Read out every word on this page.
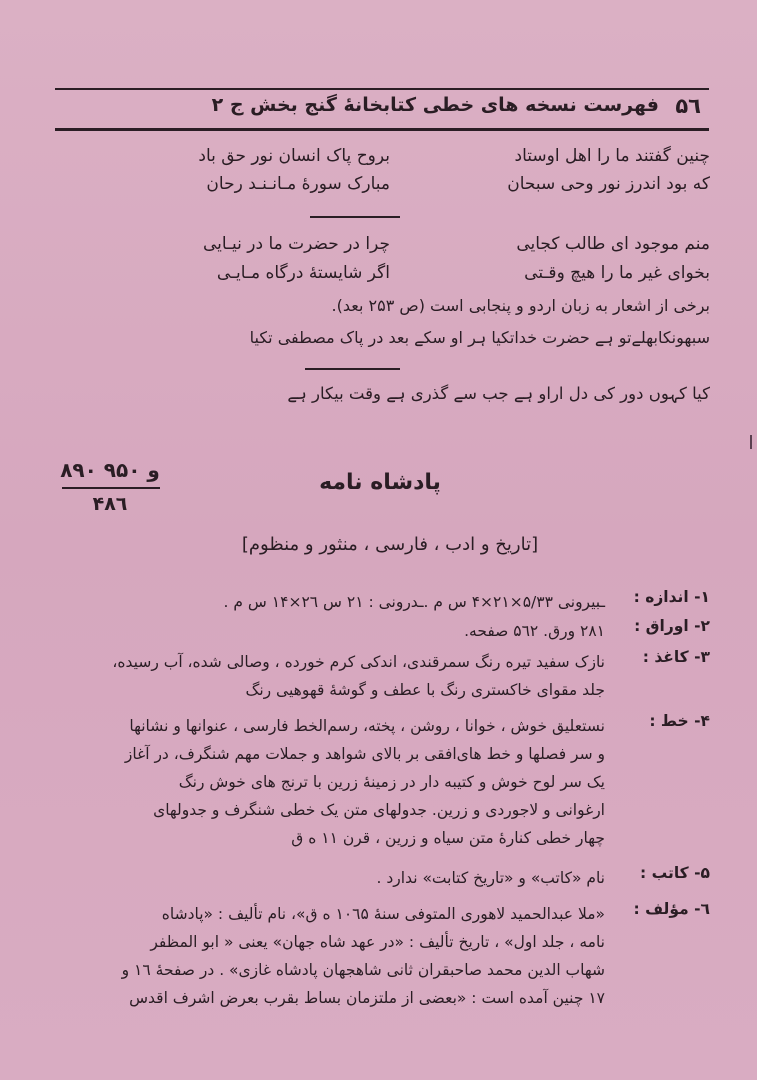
۵٦
فهرست نسخه های خطی کتابخانهٔ گنج بخش ج ۲
چنین گفتند ما را اهل اوستاد
بروح پاک انسان نور حق باد
که بود اندرز نور وحی سبحان
مبارک سورهٔ مـانـنـد رحان
منم موجود ای طالب کجایی
چرا در حضرت ما در نیـایی
بخوای غیر ما را هیچ وقـتی
اگر شایستهٔ درگاه مـایـی
برخی از اشعار به زبان اردو و پنجابی است (ص ۲۵۳ بعد).
سبھونکابھلےتو ہے حضرت خداتکیا ہر او سکے بعد در پاک مصطفی تکیا
کیا کہوں دور کی دل اراو ہے جب سے گذری ہے وقت بیکار ہے
۸۹۰ و ۹۵۰
۴۸٦
پادشاه نامه
[تاریخ و ادب ، فارسی ، منثور و منظوم]
۱- اندازه :
ـبیرونی ۵/۳۳×۲۱×۴ س م .ـدرونی : ۲۱ س ۲٦×۱۴ س م .
۲- اوراق :
۲۸۱ ورق. ۵٦۲ صفحه.
۳- کاغذ :
نازک سفید تیره رنگ سمرقندی، اندکی کرم خورده ، وصالی شده، آب رسیده،
جلد مقوای خاکستری رنگ با عطف و گوشهٔ قهوهیی رنگ
۴- خط :
نستعلیق خوش ، خوانا ، روشن ، پخته، رسم‌الخط فارسی ، عنوانها و نشانها
و سر فصلها و خط های‌افقی بر بالای شواهد و جملات مهم شنگرف، در آغاز
یک سر لوح خوش و کتیبه دار در زمینهٔ زرین با ترنج های خوش رنگ
ارغوانی و لاجوردی و زرین. جدولهای متن یک خطی شنگرف و جدولهای
چهار خطی کنارهٔ متن سیاه و زرین ، قرن ۱۱ ه ق
۵- کاتب :
نام «کاتب» و «تاریخ کتابت» ندارد .
٦- مؤلف :
«ملا عبدالحمید لاهوری المتوفی سنهٔ ۱۰٦۵ ه ق»، نام تألیف : «پادشاه
نامه ، جلد اول» ، تاریخ تألیف : «در عهد شاه جهان» یعنی « ابو المظفر
شهاب الدین محمد صاحبقران ثانی شاهجهان پادشاه غازی» . در صفحهٔ ۱٦ و
۱۷ چنین آمده است : «بعضی از ملتزمان بساط بقرب بعرض اشرف اقدس
